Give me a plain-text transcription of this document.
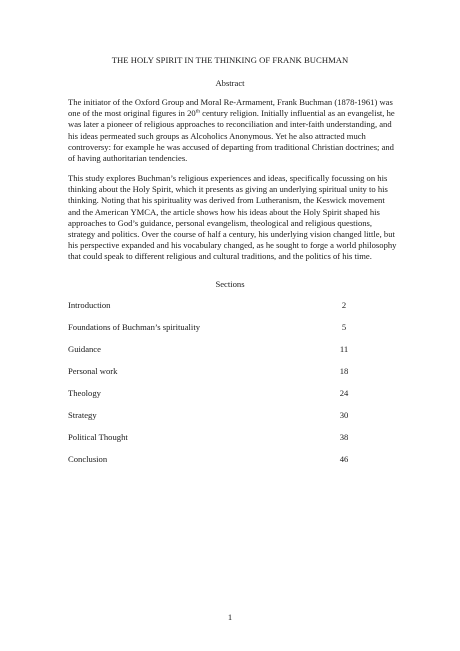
THE HOLY SPIRIT IN THE THINKING OF FRANK BUCHMAN
Abstract

The initiator of the Oxford Group and Moral Re-Armament, Frank Buchman (1878-1961) was one of the most original figures in 20th century religion. Initially influential as an evangelist, he was later a pioneer of religious approaches to reconciliation and inter-faith understanding, and his ideas permeated such groups as Alcoholics Anonymous. Yet he also attracted much controversy: for example he was accused of departing from traditional Christian doctrines; and of having authoritarian tendencies.

This study explores Buchman’s religious experiences and ideas, specifically focussing on his thinking about the Holy Spirit, which it presents as giving an underlying spiritual unity to his thinking. Noting that his spirituality was derived from Lutheranism, the Keswick movement and the American YMCA, the article shows how his ideas about the Holy Spirit shaped his approaches to God’s guidance, personal evangelism, theological and religious questions, strategy and politics. Over the course of half a century, his underlying vision changed little, but his perspective expanded and his vocabulary changed, as he sought to forge a world philosophy that could speak to different religious and cultural traditions, and the politics of his time.

Sections
Introduction	2
Foundations of Buchman’s spirituality	5
Guidance	11
Personal work	18
Theology	24
Strategy	30
Political Thought	38
Conclusion	46
1
